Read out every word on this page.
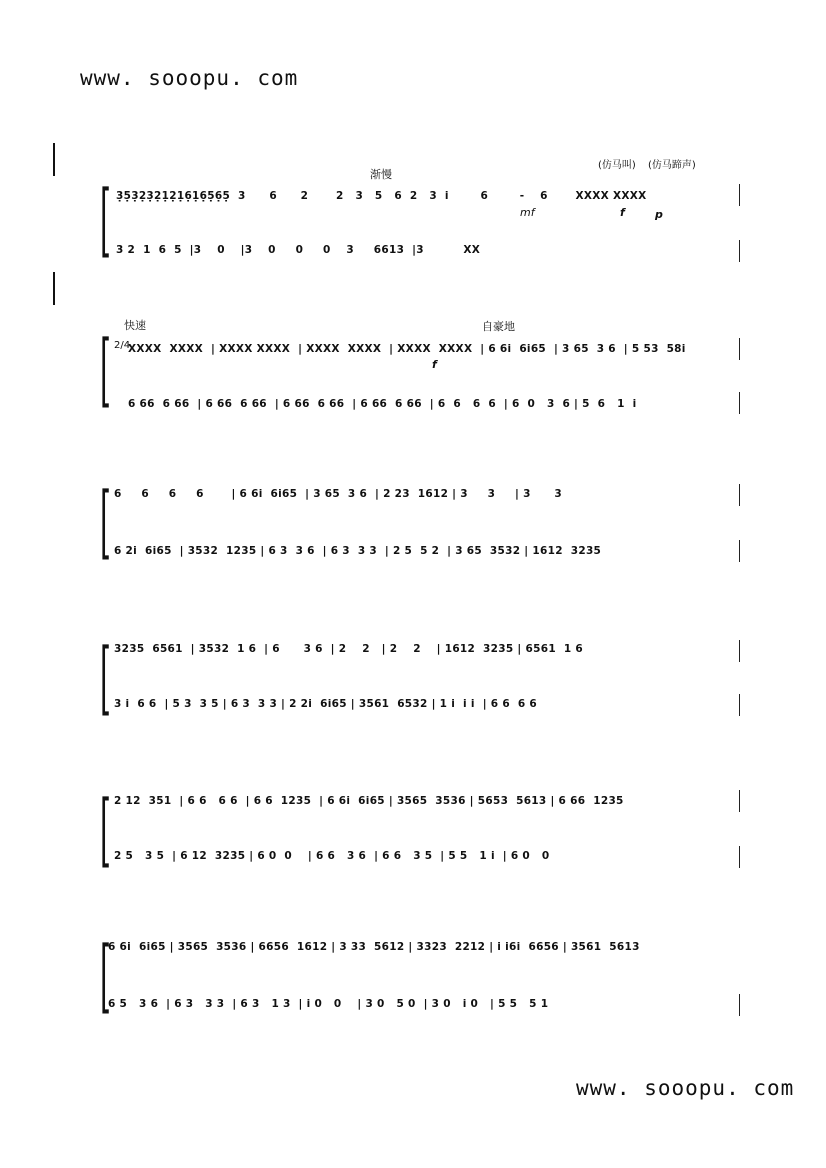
www. sooopu. com
渐慢
(仿马叫) (仿马蹄声)
[ 3̣5̣3̣2̣3̣2̣1̣2̣1̣6̣1̣6̣5̣6̣5̣  3      6      2       2   3   5   6  2   3  i        6        -    6       XXXX XXXX
f	p
mf
3 2  1  6  5  |3    0    |3    0     0     0    3     6613  |3          XX
快速	自豪地
[ 2/4
XXXX  XXXX  | XXXX XXXX  | XXXX  XXXX  | XXXX  XXXX  | 6 6i  6i65  | 3 65  3 6  | 5 53  58i
f
6 66  6 66  | 6 66  6 66  | 6 66  6 66  | 6 66  6 66  | 6  6   6  6  | 6  0   3  6 | 5  6   1  i
[ 6     6     6     6       | 6 6i  6i65  | 3 65  3 6  | 2 23  1612 | 3     3     | 3      3
6 2i  6i65  | 3532  1235 | 6 3  3 6  | 6 3  3 3  | 2 5  5 2  | 3 65  3532 | 1612  3235
[ 3235  6561  | 3532  1 6  | 6      3 6  | 2    2   | 2    2    | 1612  3235 | 6561  1 6
3 i  6 6  | 5 3  3 5 | 6 3  3 3 | 2 2i  6i65 | 3561  6532 | 1 i  i i  | 6 6  6 6
[ 2 12  351  | 6 6   6 6  | 6 6  1235  | 6 6i  6i65 | 3565  3536 | 5653  5613 | 6 66  1235
2 5   3 5  | 6 12  3235 | 6 0  0    | 6 6   3 6  | 6 6   3 5  | 5 5   1 i  | 6 0   0
[
6 6i  6i65 | 3565  3536 | 6656  1612 | 3 33  5612 | 3323  2212 | i i6i  6656 | 3561  5613
6 5   3 6  | 6 3   3 3  | 6 3   1 3  | i 0   0    | 3 0   5 0  | 3 0   i 0   | 5 5   5 1
www. sooopu. com
